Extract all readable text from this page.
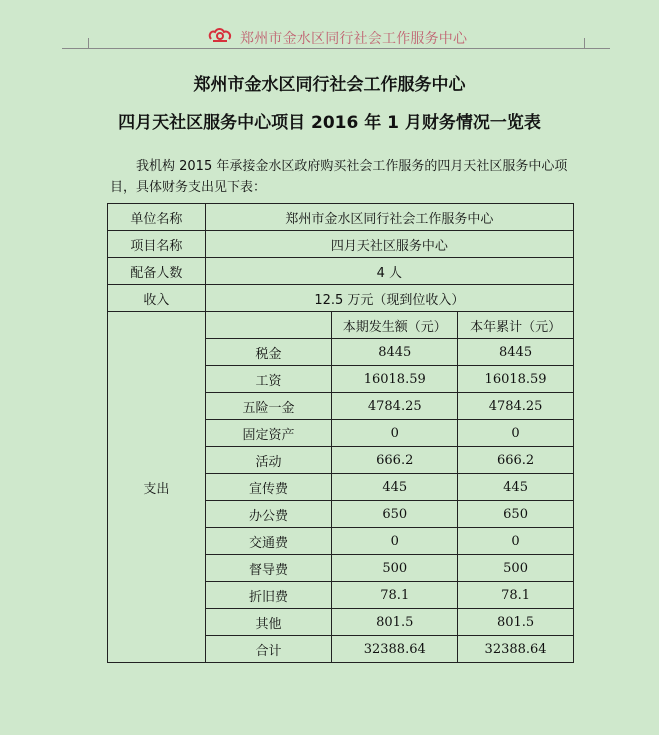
郑州市金水区同行社会工作服务中心
郑州市金水区同行社会工作服务中心
四月天社区服务中心项目 2016 年 1 月财务情况一览表
我机构 2015 年承接金水区政府购买社会工作服务的四月天社区服务中心项目，具体财务支出见下表：
单位名称	郑州市金水区同行社会工作服务中心		
项目名称	四月天社区服务中心		
配备人数	4 人		
收入	12.5 万元（现到位收入）		
支出		本期发生额（元）	本年累计（元）
	税金	8445	8445
	工资	16018.59	16018.59
	五险一金	4784.25	4784.25
	固定资产	0	0
	活动	666.2	666.2
	宣传费	445	445
	办公费	650	650
	交通费	0	0
	督导费	500	500
	折旧费	78.1	78.1
	其他	801.5	801.5
	合计	32388.64	32388.64
